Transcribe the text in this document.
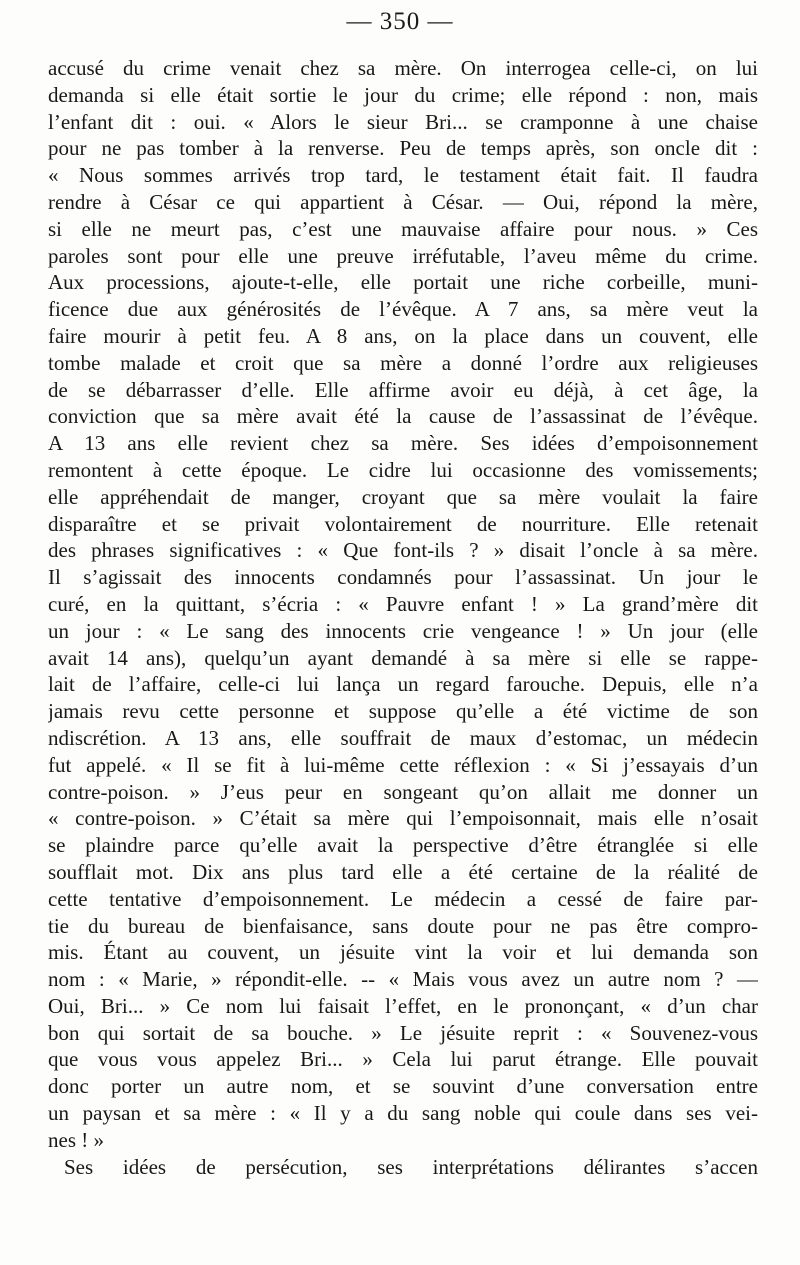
— 350 —
accusé du crime venait chez sa mère. On interrogea celle-ci, on lui
demanda si elle était sortie le jour du crime; elle répond : non, mais
l’enfant dit : oui. « Alors le sieur Bri... se cramponne à une chaise
pour ne pas tomber à la renverse. Peu de temps après, son oncle dit :
« Nous sommes arrivés trop tard, le testament était fait. Il faudra
rendre à César ce qui appartient à César. — Oui, répond la mère,
si elle ne meurt pas, c’est une mauvaise affaire pour nous. » Ces
paroles sont pour elle une preuve irréfutable, l’aveu même du crime.
Aux processions, ajoute-t-elle, elle portait une riche corbeille, muni-
ficence due aux générosités de l’évêque. A 7 ans, sa mère veut la
faire mourir à petit feu. A 8 ans, on la place dans un couvent, elle
tombe malade et croit que sa mère a donné l’ordre aux religieuses
de se débarrasser d’elle. Elle affirme avoir eu déjà, à cet âge, la
conviction que sa mère avait été la cause de l’assassinat de l’évêque.
A 13 ans elle revient chez sa mère. Ses idées d’empoisonnement
remontent à cette époque. Le cidre lui occasionne des vomissements;
elle appréhendait de manger, croyant que sa mère voulait la faire
disparaître et se privait volontairement de nourriture. Elle retenait
des phrases significatives : « Que font-ils ? » disait l’oncle à sa mère.
Il s’agissait des innocents condamnés pour l’assassinat. Un jour le
curé, en la quittant, s’écria : « Pauvre enfant ! » La grand’mère dit
un jour : « Le sang des innocents crie vengeance ! » Un jour (elle
avait 14 ans), quelqu’un ayant demandé à sa mère si elle se rappe-
lait de l’affaire, celle-ci lui lança un regard farouche. Depuis, elle n’a
jamais revu cette personne et suppose qu’elle a été victime de son
ndiscrétion. A 13 ans, elle souffrait de maux d’estomac, un médecin
fut appelé. « Il se fit à lui-même cette réflexion : « Si j’essayais d’un
contre-poison. » J’eus peur en songeant qu’on allait me donner un
« contre-poison. » C’était sa mère qui l’empoisonnait, mais elle n’osait
se plaindre parce qu’elle avait la perspective d’être étranglée si elle
soufflait mot. Dix ans plus tard elle a été certaine de la réalité de
cette tentative d’empoisonnement. Le médecin a cessé de faire par-
tie du bureau de bienfaisance, sans doute pour ne pas être compro-
mis. Étant au couvent, un jésuite vint la voir et lui demanda son
nom : « Marie, » répondit-elle. -- « Mais vous avez un autre nom ? —
Oui, Bri... » Ce nom lui faisait l’effet, en le prononçant, « d’un char
bon qui sortait de sa bouche. » Le jésuite reprit : « Souvenez-vous
que vous vous appelez Bri... » Cela lui parut étrange. Elle pouvait
donc porter un autre nom, et se souvint d’une conversation entre
un paysan et sa mère : « Il y a du sang noble qui coule dans ses vei-
nes ! »
Ses idées de persécution, ses interprétations délirantes s’accen
